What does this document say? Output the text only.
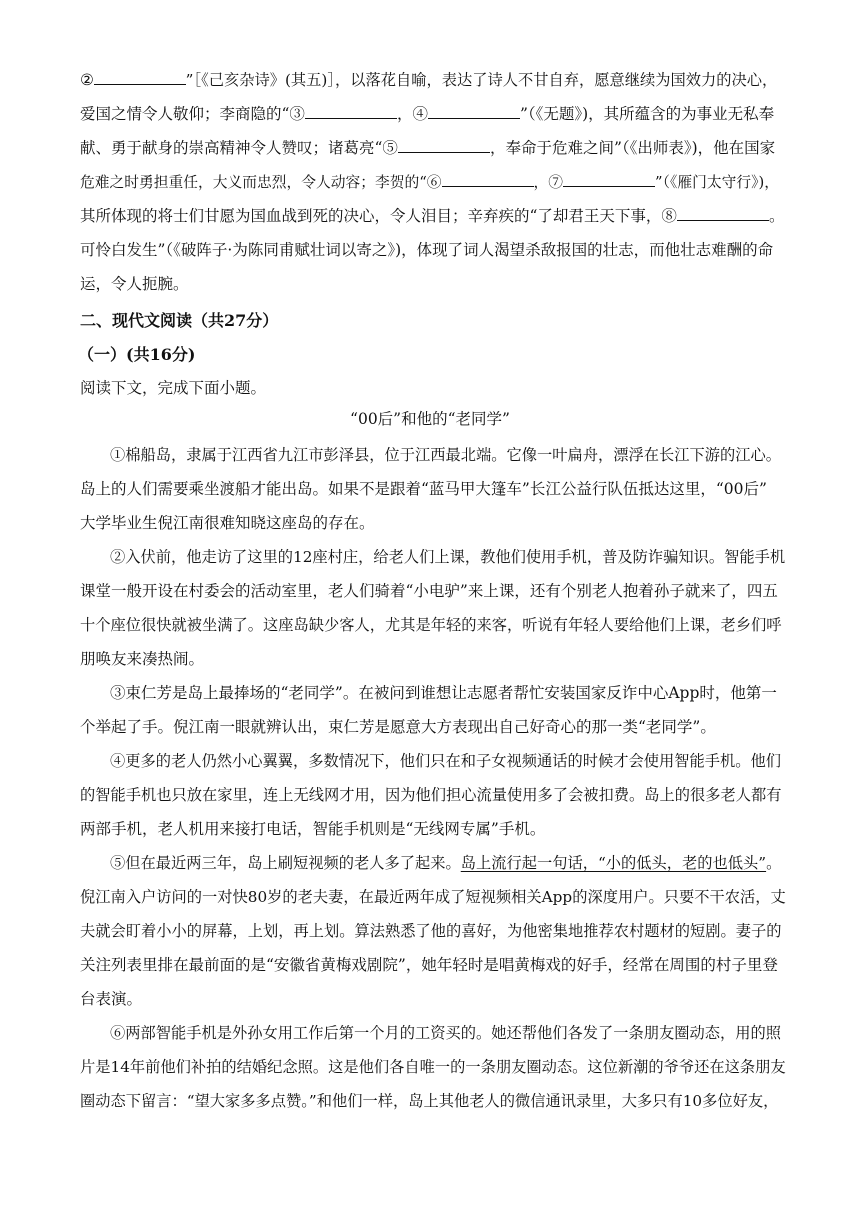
②	”［《己亥杂诗》(其五)］，以落花自喻，表达了诗人不甘自弃，愿意继续为国效力的决心，
爱国之情令人敬仰；李商隐的“③	，④	”（《无题》)，其所蕴含的为事业无私奉
献、勇于献身的崇高精神令人赞叹；诸葛亮“⑤	，奉命于危难之间”（《出师表》)，他在国家
危难之时勇担重任，大义而忠烈，令人动容；李贺的“⑥	，⑦	”（《雁门太守行》)，
其所体现的将士们甘愿为国血战到死的决心，令人泪目；辛弃疾的“了却君王天下事，⑧	。
可怜白发生”（《破阵子·为陈同甫赋壮词以寄之》)，体现了词人渴望杀敌报国的壮志，而他壮志难酬的命
运，令人扼腕。
二、现代文阅读（共27分）
（一）(共16分)
阅读下文，完成下面小题。
“00后”和他的“老同学”
①棉船岛，隶属于江西省九江市彭泽县，位于江西最北端。它像一叶扁舟，漂浮在长江下游的江心。
岛上的人们需要乘坐渡船才能出岛。如果不是跟着“蓝马甲大篷车”长江公益行队伍抵达这里，“00后”
大学毕业生倪江南很难知晓这座岛的存在。
②入伏前，他走访了这里的12座村庄，给老人们上课，教他们使用手机，普及防诈骗知识。智能手机
课堂一般开设在村委会的活动室里，老人们骑着“小电驴”来上课，还有个别老人抱着孙子就来了，四五
十个座位很快就被坐满了。这座岛缺少客人，尤其是年轻的来客，听说有年轻人要给他们上课，老乡们呼
朋唤友来凑热闹。
③束仁芳是岛上最捧场的“老同学”。在被问到谁想让志愿者帮忙安装国家反诈中心App时，他第一
个举起了手。倪江南一眼就辨认出，束仁芳是愿意大方表现出自己好奇心的那一类“老同学”。
④更多的老人仍然小心翼翼，多数情况下，他们只在和子女视频通话的时候才会使用智能手机。他们
的智能手机也只放在家里，连上无线网才用，因为他们担心流量使用多了会被扣费。岛上的很多老人都有
两部手机，老人机用来接打电话，智能手机则是“无线网专属”手机。
⑤但在最近两三年，岛上刷短视频的老人多了起来。岛上流行起一句话，“小的低头，老的也低头”。
倪江南入户访问的一对快80岁的老夫妻，在最近两年成了短视频相关App的深度用户。只要不干农活，丈
夫就会盯着小小的屏幕，上划，再上划。算法熟悉了他的喜好，为他密集地推荐农村题材的短剧。妻子的
关注列表里排在最前面的是“安徽省黄梅戏剧院”，她年轻时是唱黄梅戏的好手，经常在周围的村子里登
台表演。
⑥两部智能手机是外孙女用工作后第一个月的工资买的。她还帮他们各发了一条朋友圈动态，用的照
片是14年前他们补拍的结婚纪念照。这是他们各自唯一的一条朋友圈动态。这位新潮的爷爷还在这条朋友
圈动态下留言：“望大家多多点赞。”和他们一样，岛上其他老人的微信通讯录里，大多只有10多位好友，
